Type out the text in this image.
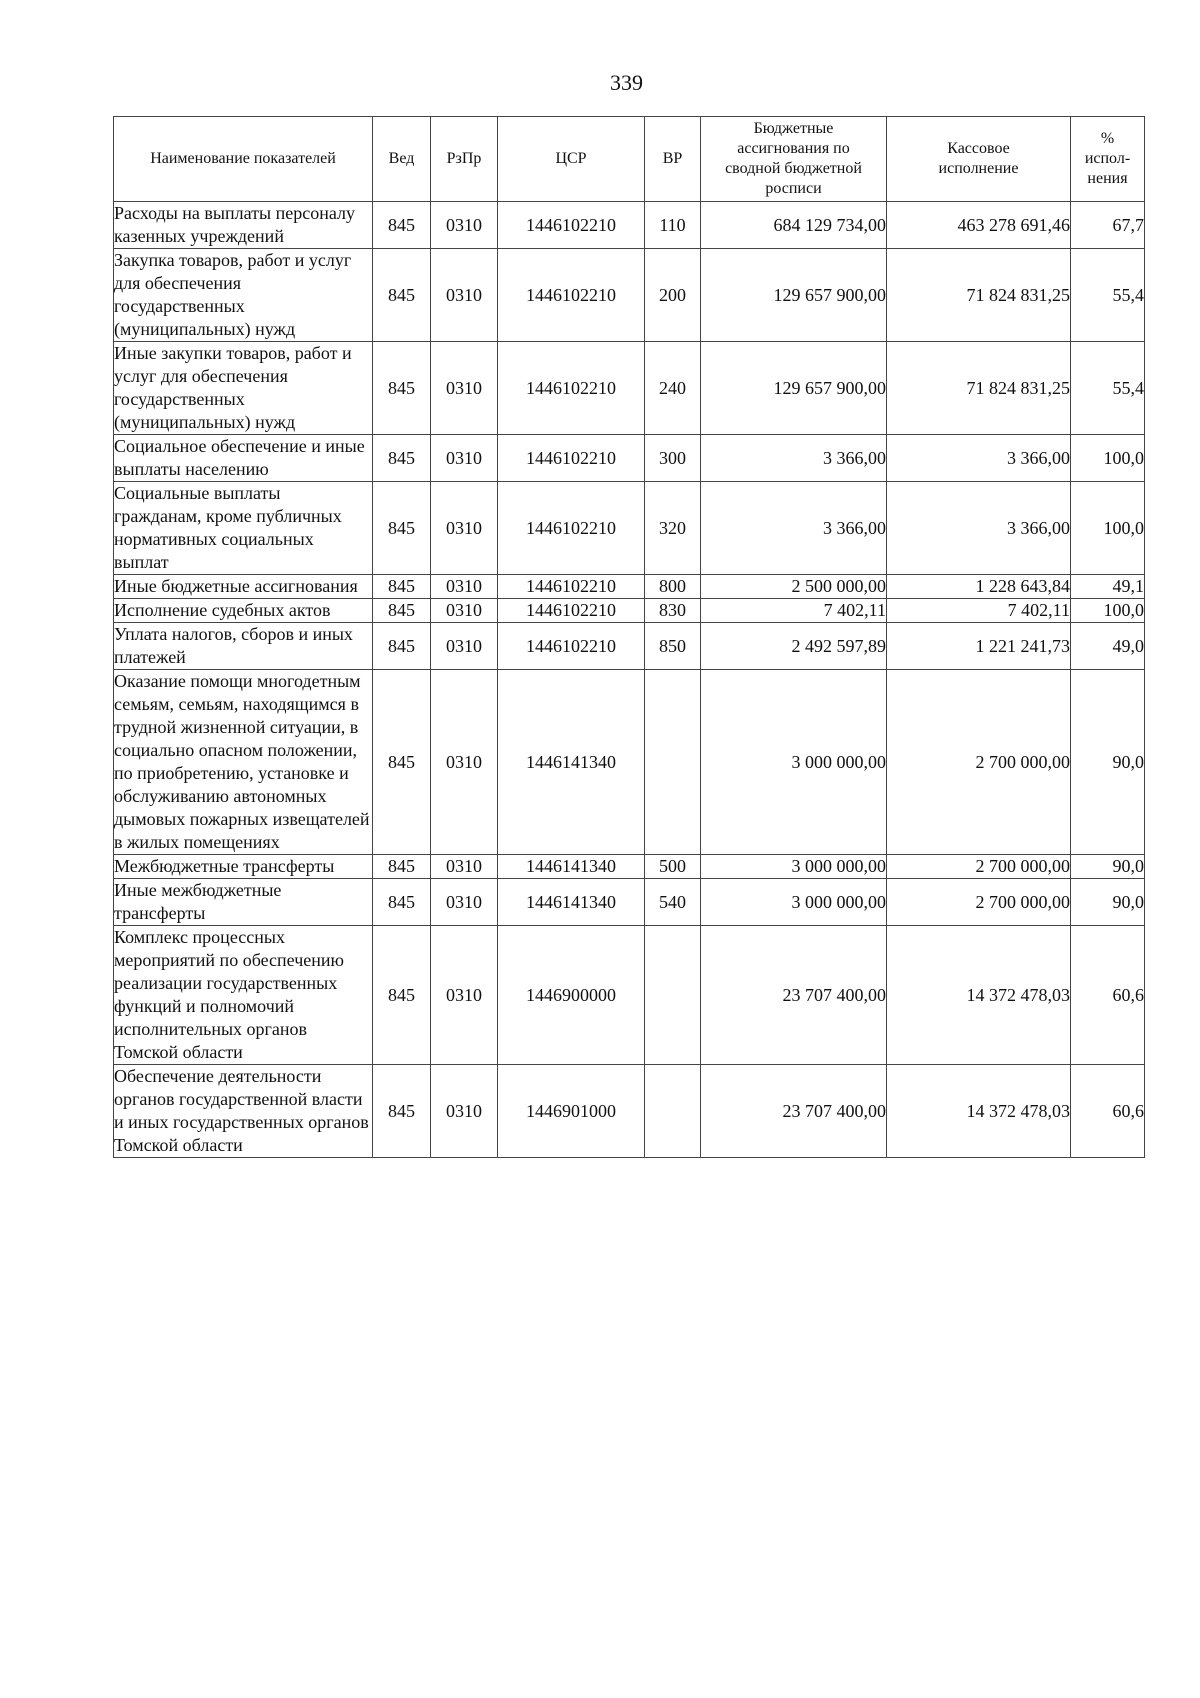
339
Наименование показателей	Вед	РзПр	ЦСР	ВР	Бюджетные ассигнования по сводной бюджетной росписи	Кассовое исполнение	% испол-нения
Расходы на выплаты персоналу казенных учреждений	845	0310	1446102210	110	684 129 734,00	463 278 691,46	67,7
Закупка товаров, работ и услуг для обеспечения государственных (муниципальных) нужд	845	0310	1446102210	200	129 657 900,00	71 824 831,25	55,4
Иные закупки товаров, работ и услуг для обеспечения государственных (муниципальных) нужд	845	0310	1446102210	240	129 657 900,00	71 824 831,25	55,4
Социальное обеспечение и иные выплаты населению	845	0310	1446102210	300	3 366,00	3 366,00	100,0
Социальные выплаты гражданам, кроме публичных нормативных социальных выплат	845	0310	1446102210	320	3 366,00	3 366,00	100,0
Иные бюджетные ассигнования	845	0310	1446102210	800	2 500 000,00	1 228 643,84	49,1
Исполнение судебных актов	845	0310	1446102210	830	7 402,11	7 402,11	100,0
Уплата налогов, сборов и иных платежей	845	0310	1446102210	850	2 492 597,89	1 221 241,73	49,0
Оказание помощи многодетным семьям, семьям, находящимся в трудной жизненной ситуации, в социально опасном положении, по приобретению, установке и обслуживанию автономных дымовых пожарных извещателей в жилых помещениях	845	0310	1446141340		3 000 000,00	2 700 000,00	90,0
Межбюджетные трансферты	845	0310	1446141340	500	3 000 000,00	2 700 000,00	90,0
Иные межбюджетные трансферты	845	0310	1446141340	540	3 000 000,00	2 700 000,00	90,0
Комплекс процессных мероприятий по обеспечению реализации государственных функций и полномочий исполнительных органов Томской области	845	0310	1446900000		23 707 400,00	14 372 478,03	60,6
Обеспечение деятельности органов государственной власти и иных государственных органов Томской области	845	0310	1446901000		23 707 400,00	14 372 478,03	60,6
